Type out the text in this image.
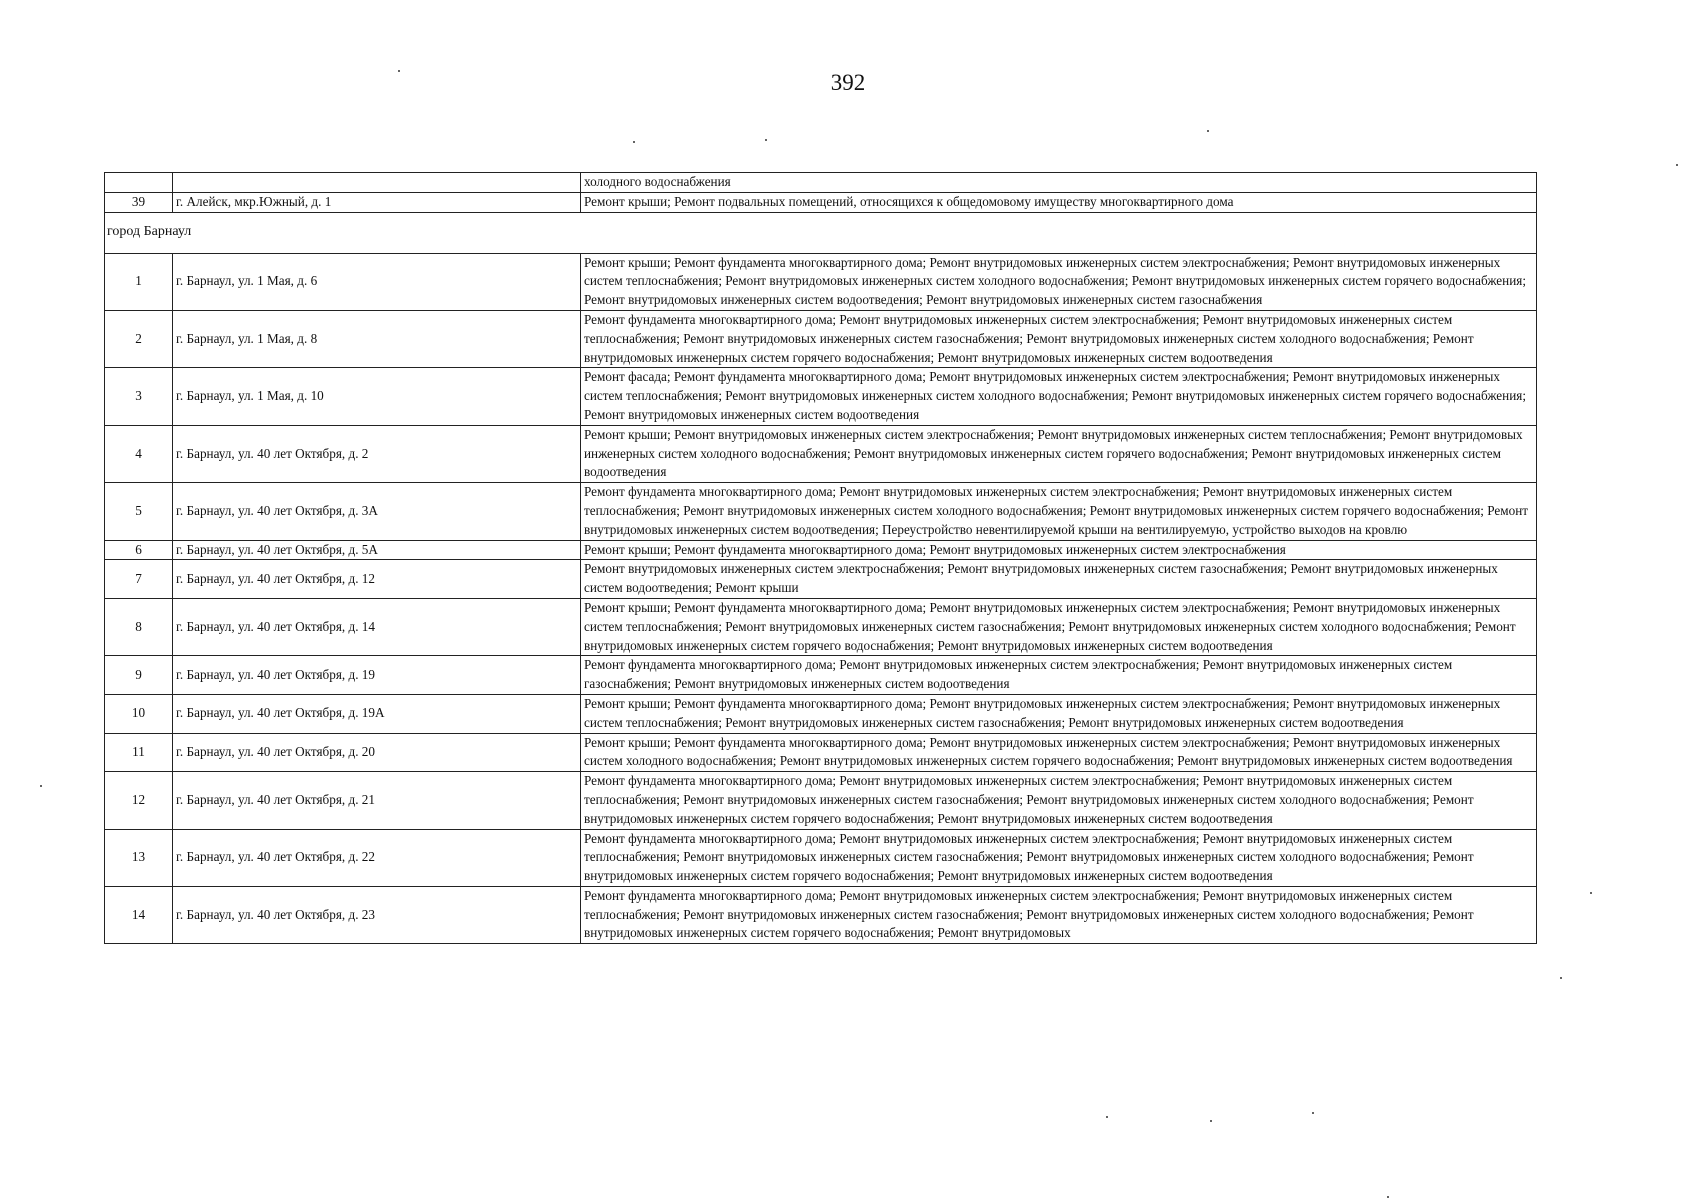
392
		холодного водоснабжения
39	г. Алейск, мкр.Южный, д. 1	Ремонт крыши; Ремонт подвальных помещений, относящихся к общедомовому имуществу многоквартирного дома
город Барнаул		
1	г. Барнаул, ул. 1 Мая, д. 6	Ремонт крыши; Ремонт фундамента многоквартирного дома; Ремонт внутридомовых инженерных систем электроснабжения; Ремонт внутридомовых инженерных систем теплоснабжения; Ремонт внутридомовых инженерных систем холодного водоснабжения; Ремонт внутридомовых инженерных систем горячего водоснабжения; Ремонт внутридомовых инженерных систем водоотведения; Ремонт внутридомовых инженерных систем газоснабжения
2	г. Барнаул, ул. 1 Мая, д. 8	Ремонт фундамента многоквартирного дома; Ремонт внутридомовых инженерных систем электроснабжения; Ремонт внутридомовых инженерных систем теплоснабжения; Ремонт внутридомовых инженерных систем газоснабжения; Ремонт внутридомовых инженерных систем холодного водоснабжения; Ремонт внутридомовых инженерных систем горячего водоснабжения; Ремонт внутридомовых инженерных систем водоотведения
3	г. Барнаул, ул. 1 Мая, д. 10	Ремонт фасада; Ремонт фундамента многоквартирного дома; Ремонт внутридомовых инженерных систем электроснабжения; Ремонт внутридомовых инженерных систем теплоснабжения; Ремонт внутридомовых инженерных систем холодного водоснабжения; Ремонт внутридомовых инженерных систем горячего водоснабжения; Ремонт внутридомовых инженерных систем водоотведения
4	г. Барнаул, ул. 40 лет Октября, д. 2	Ремонт крыши; Ремонт внутридомовых инженерных систем электроснабжения; Ремонт внутридомовых инженерных систем теплоснабжения; Ремонт внутридомовых инженерных систем холодного водоснабжения; Ремонт внутридомовых инженерных систем горячего водоснабжения; Ремонт внутридомовых инженерных систем водоотведения
5	г. Барнаул, ул. 40 лет Октября, д. 3А	Ремонт фундамента многоквартирного дома; Ремонт внутридомовых инженерных систем электроснабжения; Ремонт внутридомовых инженерных систем теплоснабжения; Ремонт внутридомовых инженерных систем холодного водоснабжения; Ремонт внутридомовых инженерных систем горячего водоснабжения; Ремонт внутридомовых инженерных систем водоотведения; Переустройство невентилируемой крыши на вентилируемую, устройство выходов на кровлю
6	г. Барнаул, ул. 40 лет Октября, д. 5А	Ремонт крыши; Ремонт фундамента многоквартирного дома; Ремонт внутридомовых инженерных систем электроснабжения
7	г. Барнаул, ул. 40 лет Октября, д. 12	Ремонт внутридомовых инженерных систем электроснабжения; Ремонт внутридомовых инженерных систем газоснабжения; Ремонт внутридомовых инженерных систем водоотведения; Ремонт крыши
8	г. Барнаул, ул. 40 лет Октября, д. 14	Ремонт крыши; Ремонт фундамента многоквартирного дома; Ремонт внутридомовых инженерных систем электроснабжения; Ремонт внутридомовых инженерных систем теплоснабжения; Ремонт внутридомовых инженерных систем газоснабжения; Ремонт внутридомовых инженерных систем холодного водоснабжения; Ремонт внутридомовых инженерных систем горячего водоснабжения; Ремонт внутридомовых инженерных систем водоотведения
9	г. Барнаул, ул. 40 лет Октября, д. 19	Ремонт фундамента многоквартирного дома; Ремонт внутридомовых инженерных систем электроснабжения; Ремонт внутридомовых инженерных систем газоснабжения; Ремонт внутридомовых инженерных систем водоотведения
10	г. Барнаул, ул. 40 лет Октября, д. 19А	Ремонт крыши; Ремонт фундамента многоквартирного дома; Ремонт внутридомовых инженерных систем электроснабжения; Ремонт внутридомовых инженерных систем теплоснабжения; Ремонт внутридомовых инженерных систем газоснабжения; Ремонт внутридомовых инженерных систем водоотведения
11	г. Барнаул, ул. 40 лет Октября, д. 20	Ремонт крыши; Ремонт фундамента многоквартирного дома; Ремонт внутридомовых инженерных систем электроснабжения; Ремонт внутридомовых инженерных систем холодного водоснабжения; Ремонт внутридомовых инженерных систем горячего водоснабжения; Ремонт внутридомовых инженерных систем водоотведения
12	г. Барнаул, ул. 40 лет Октября, д. 21	Ремонт фундамента многоквартирного дома; Ремонт внутридомовых инженерных систем электроснабжения; Ремонт внутридомовых инженерных систем теплоснабжения; Ремонт внутридомовых инженерных систем газоснабжения; Ремонт внутридомовых инженерных систем холодного водоснабжения; Ремонт внутридомовых инженерных систем горячего водоснабжения; Ремонт внутридомовых инженерных систем водоотведения
13	г. Барнаул, ул. 40 лет Октября, д. 22	Ремонт фундамента многоквартирного дома; Ремонт внутридомовых инженерных систем электроснабжения; Ремонт внутридомовых инженерных систем теплоснабжения; Ремонт внутридомовых инженерных систем газоснабжения; Ремонт внутридомовых инженерных систем холодного водоснабжения; Ремонт внутридомовых инженерных систем горячего водоснабжения; Ремонт внутридомовых инженерных систем водоотведения
14	г. Барнаул, ул. 40 лет Октября, д. 23	Ремонт фундамента многоквартирного дома; Ремонт внутридомовых инженерных систем электроснабжения; Ремонт внутридомовых инженерных систем теплоснабжения; Ремонт внутридомовых инженерных систем газоснабжения; Ремонт внутридомовых инженерных систем холодного водоснабжения; Ремонт внутридомовых инженерных систем горячего водоснабжения; Ремонт внутридомовых
